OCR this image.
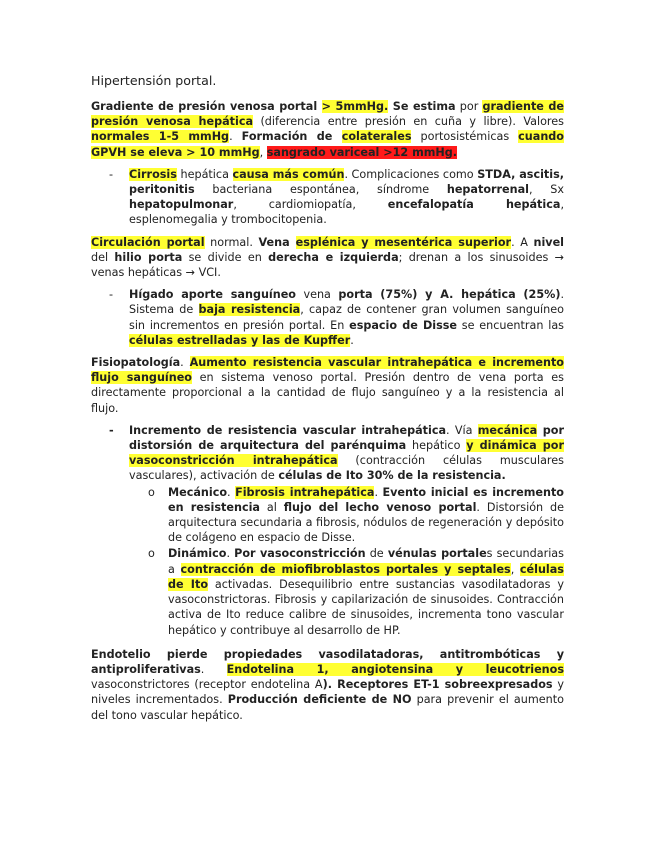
Hipertensión portal.

Gradiente de presión venosa portal > 5mmHg. Se estima por gradiente de presión venosa hepática (diferencia entre presión en cuña y libre). Valores normales 1-5 mmHg. Formación de colaterales portosistémicas cuando GPVH se eleva > 10 mmHg, sangrado variceal >12 mmHg.

- Cirrosis hepática causa más común. Complicaciones como STDA, ascitis, peritonitis bacteriana espontánea, síndrome hepatorrenal, Sx hepatopulmonar, cardiomiopatía, encefalopatía hepática, esplenomegalia y trombocitopenia.

Circulación portal normal. Vena esplénica y mesentérica superior. A nivel del hilio porta se divide en derecha e izquierda; drenan a los sinusoides → venas hepáticas → VCI.

- Hígado aporte sanguíneo vena porta (75%) y A. hepática (25%). Sistema de baja resistencia, capaz de contener gran volumen sanguíneo sin incrementos en presión portal. En espacio de Disse se encuentran las células estrelladas y las de Kupffer.

Fisiopatología. Aumento resistencia vascular intrahepática e incremento flujo sanguíneo en sistema venoso portal. Presión dentro de vena porta es directamente proporcional a la cantidad de flujo sanguíneo y a la resistencia al flujo.

- Incremento de resistencia vascular intrahepática. Vía mecánica por distorsión de arquitectura del parénquima hepático y dinámica por vasoconstricción intrahepática (contracción células musculares vasculares), activación de células de Ito 30% de la resistencia.

o Mecánico. Fibrosis intrahepática. Evento inicial es incremento en resistencia al flujo del lecho venoso portal. Distorsión de arquitectura secundaria a fibrosis, nódulos de regeneración y depósito de colágeno en espacio de Disse.

o Dinámico. Por vasoconstricción de vénulas portales secundarias a contracción de miofibroblastos portales y septales, células de Ito activadas. Desequilibrio entre sustancias vasodilatadoras y vasoconstrictoras. Fibrosis y capilarización de sinusoides. Contracción activa de Ito reduce calibre de sinusoides, incrementa tono vascular hepático y contribuye al desarrollo de HP.

Endotelio pierde propiedades vasodilatadoras, antitrombóticas y antiproliferativas. Endotelina 1, angiotensina y leucotrienos vasoconstrictores (receptor endotelina A). Receptores ET-1 sobreexpresados y niveles incrementados. Producción deficiente de NO para prevenir el aumento del tono vascular hepático.
